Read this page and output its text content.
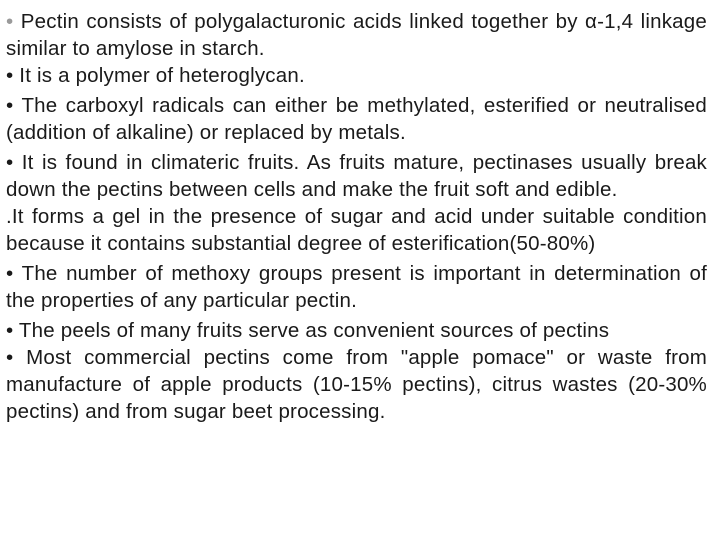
• Pectin consists of polygalacturonic acids linked together by α-1,4 linkage similar to amylose in starch.

• It is a polymer of heteroglycan.

• The carboxyl radicals can either be methylated, esterified or neutralised (addition of alkaline) or replaced by metals.

• It is found in climateric fruits. As fruits mature, pectinases usually break down the pectins between cells and make the fruit soft and edible.

.It forms a gel in the presence of sugar and acid under suitable condition because it contains substantial degree of esterification(50-80%)

• The number of methoxy groups present is important in determination of the properties of any particular pectin.

• The peels of many fruits serve as convenient sources of pectins

• Most commercial pectins come from "apple pomace" or waste from manufacture of apple products (10-15% pectins), citrus wastes (20-30% pectins) and from sugar beet processing.
